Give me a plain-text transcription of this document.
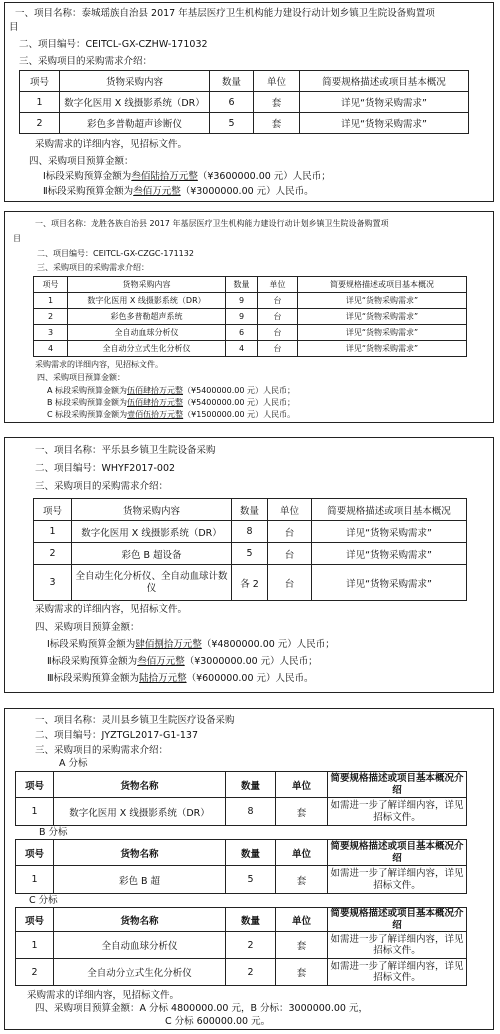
一、项目名称：泰城瑶族自治县 2017 年基层医疗卫生机构能力建设行动计划乡镇卫生院设备购置项
目
二、项目编号：CEITCL-GX-CZHW-171032
三、采购项目的采购需求介绍：
项号	货物采购内容	数量	单位	简要规格描述或项目基本概况
1	数字化医用 X 线摄影系统（DR）	6	套	详见“货物采购需求”
2	彩色多普勒超声诊断仪	5	套	详见“货物采购需求”
采购需求的详细内容，见招标文件。
四、采购项目预算金额：
Ⅰ标段采购预算金额为叁佰陆拾万元整（¥3600000.00 元）人民币；
Ⅱ标段采购预算金额为叁佰万元整（¥3000000.00 元）人民币。
一、项目名称：龙胜各族自治县 2017 年基层医疗卫生机构能力建设行动计划乡镇卫生院设备购置项
目
二、项目编号：CEITCL-GX-CZGC-171132
三、采购项目的采购需求介绍：
项号	货物采购内容	数量	单位	简要规格描述或项目基本概况
1	数字化医用 X 线摄影系统（DR）	9	台	详见“货物采购需求”
2	彩色多普勒超声系统	9	台	详见“货物采购需求”
3	全自动血球分析仪	6	台	详见“货物采购需求”
4	全自动分立式生化分析仪	4	台	详见“货物采购需求”
采购需求的详细内容，见招标文件。
四、采购项目预算金额：
A 标段采购预算金额为伍佰肆拾万元整（¥5400000.00 元）人民币；
B 标段采购预算金额为伍佰肆拾万元整（¥5400000.00 元）人民币；
C 标段采购预算金额为壹佰伍拾万元整（¥1500000.00 元）人民币。
一、项目名称：平乐县乡镇卫生院设备采购
二、项目编号：WHYF2017-002
三、采购项目的采购需求介绍：
项号	货物采购内容	数量	单位	简要规格描述或项目基本概况
1	数字化医用 X 线摄影系统（DR）	8	台	详见“货物采购需求”
2	彩色 B 超设备	5	台	详见“货物采购需求”
3	全自动生化分析仪、全自动血球计数仪	各 2	台	详见“货物采购需求”
采购需求的详细内容，见招标文件。
四、采购项目预算金额：
Ⅰ标段采购预算金额为肆佰捌拾万元整（¥4800000.00 元）人民币；
Ⅱ标段采购预算金额为叁佰万元整（¥3000000.00 元）人民币；
Ⅲ标段采购预算金额为陆拾万元整（¥600000.00 元）人民币。
一、项目名称：灵川县乡镇卫生院医疗设备采购
二、项目编号：JYZTGL2017-G1-137
三、采购项目的采购需求介绍：
A 分标
项号	货物名称	数量	单位	简要规格描述或项目基本概况介绍
1	数字化医用 X 线摄影系统（DR）	8	套	如需进一步了解详细内容，详见招标文件。
B 分标
项号	货物名称	数量	单位	简要规格描述或项目基本概况介绍
1	彩色 B 超	5	套	如需进一步了解详细内容，详见招标文件。
C 分标
项号	货物名称	数量	单位	简要规格描述或项目基本概况介绍
1	全自动血球分析仪	2	套	如需进一步了解详细内容，详见招标文件。
2	全自动分立式生化分析仪	2	套	如需进一步了解详细内容，详见招标文件。
采购需求的详细内容，见招标文件。
四、采购项目预算金额：A 分标 4800000.00 元，B 分标：3000000.00 元，
C 分标 600000.00 元。
